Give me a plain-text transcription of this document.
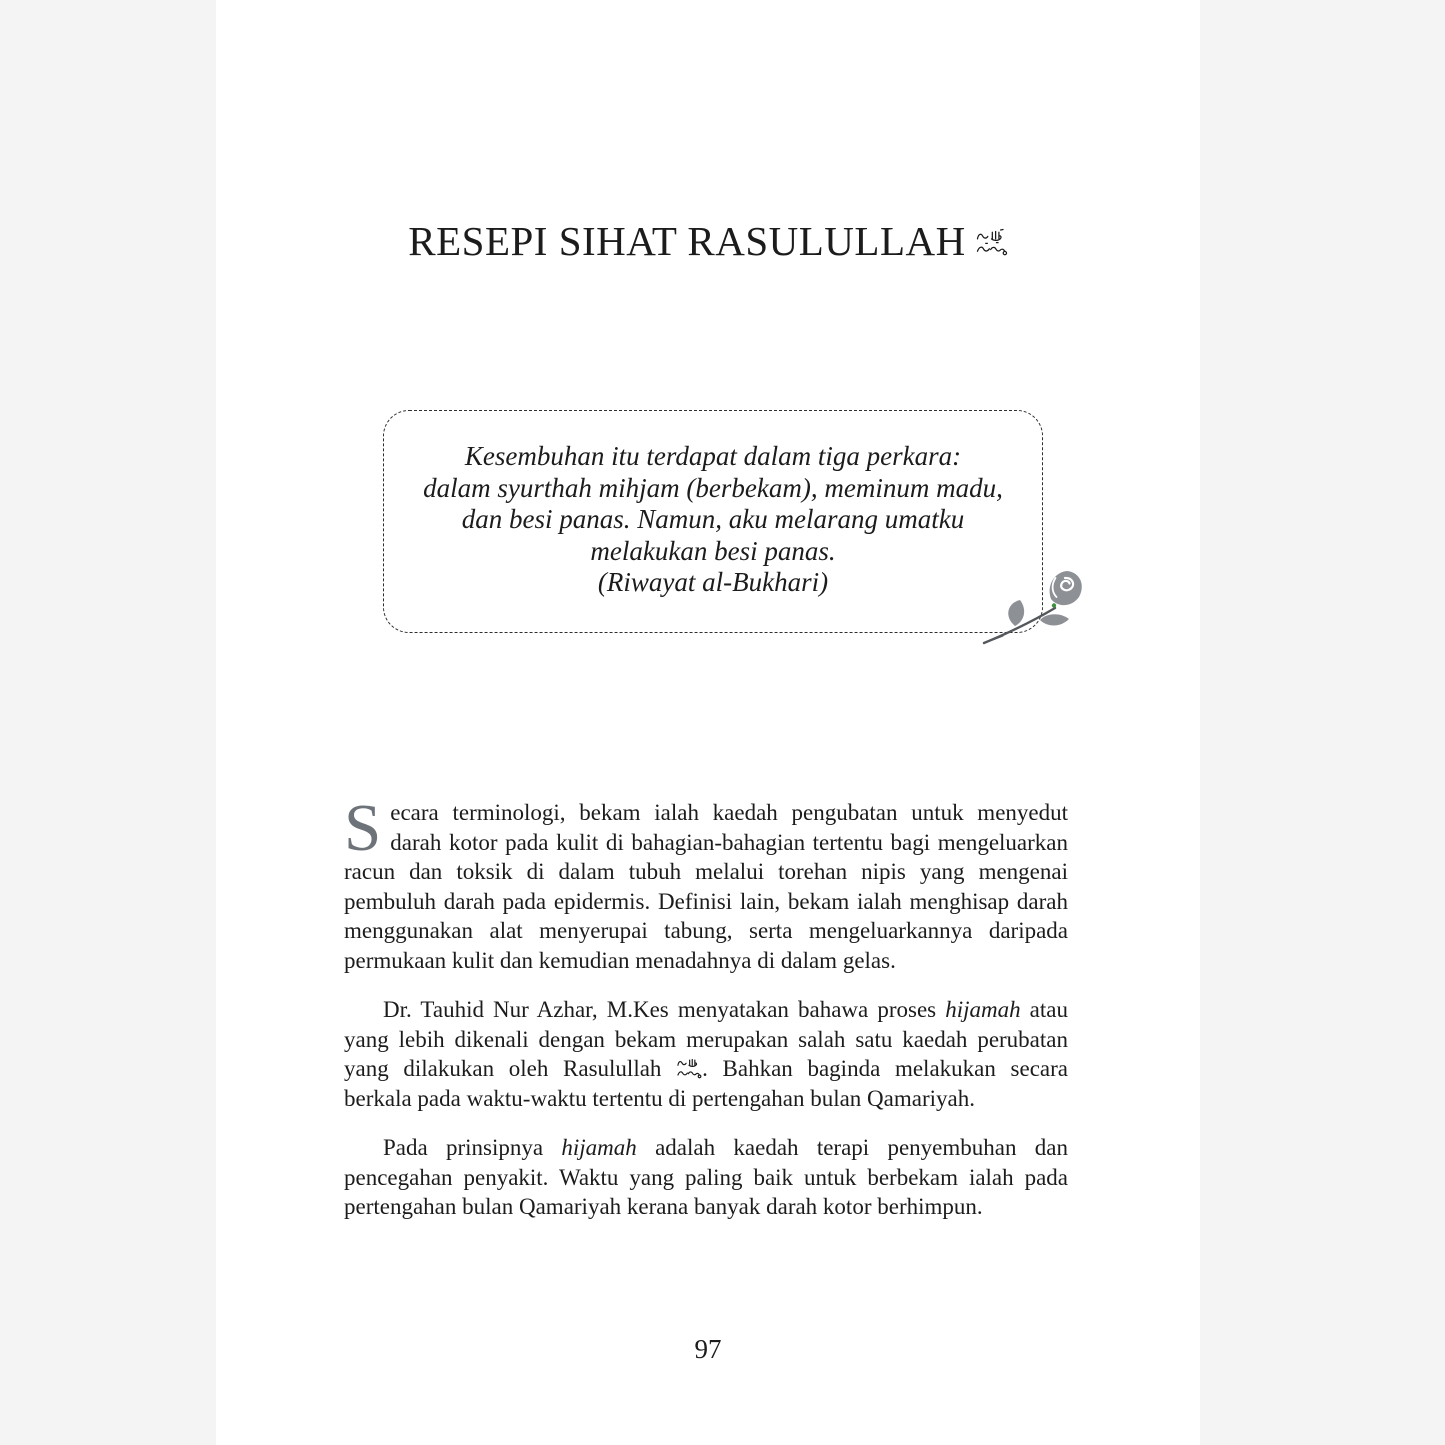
RESEPI SIHAT RASULULLAH
Kesembuhan itu terdapat dalam tiga perkara:
dalam syurthah mihjam (berbekam), meminum madu,
dan besi panas. Namun, aku melarang umatku
melakukan besi panas.
(Riwayat al-Bukhari)

Secara terminologi, bekam ialah kaedah pengubatan untuk menyedut darah kotor pada kulit di bahagian-bahagian tertentu bagi mengeluarkan racun dan toksik di dalam tubuh melalui torehan nipis yang mengenai pembuluh darah pada epidermis. Definisi lain, bekam ialah menghisap darah menggunakan alat menyerupai tabung, serta mengeluarkannya daripada permukaan kulit dan kemudian menadahnya di dalam gelas.

Dr. Tauhid Nur Azhar, M.Kes menyatakan bahawa proses hijamah atau yang lebih dikenali dengan bekam merupakan salah satu kaedah perubatan yang dilakukan oleh Rasulullah . Bahkan baginda melakukan secara berkala pada waktu-waktu tertentu di pertengahan bulan Qamariyah.

Pada prinsipnya hijamah adalah kaedah terapi penyembuhan dan pencegahan penyakit. Waktu yang paling baik untuk berbekam ialah pada pertengahan bulan Qamariyah kerana banyak darah kotor berhimpun.

97
